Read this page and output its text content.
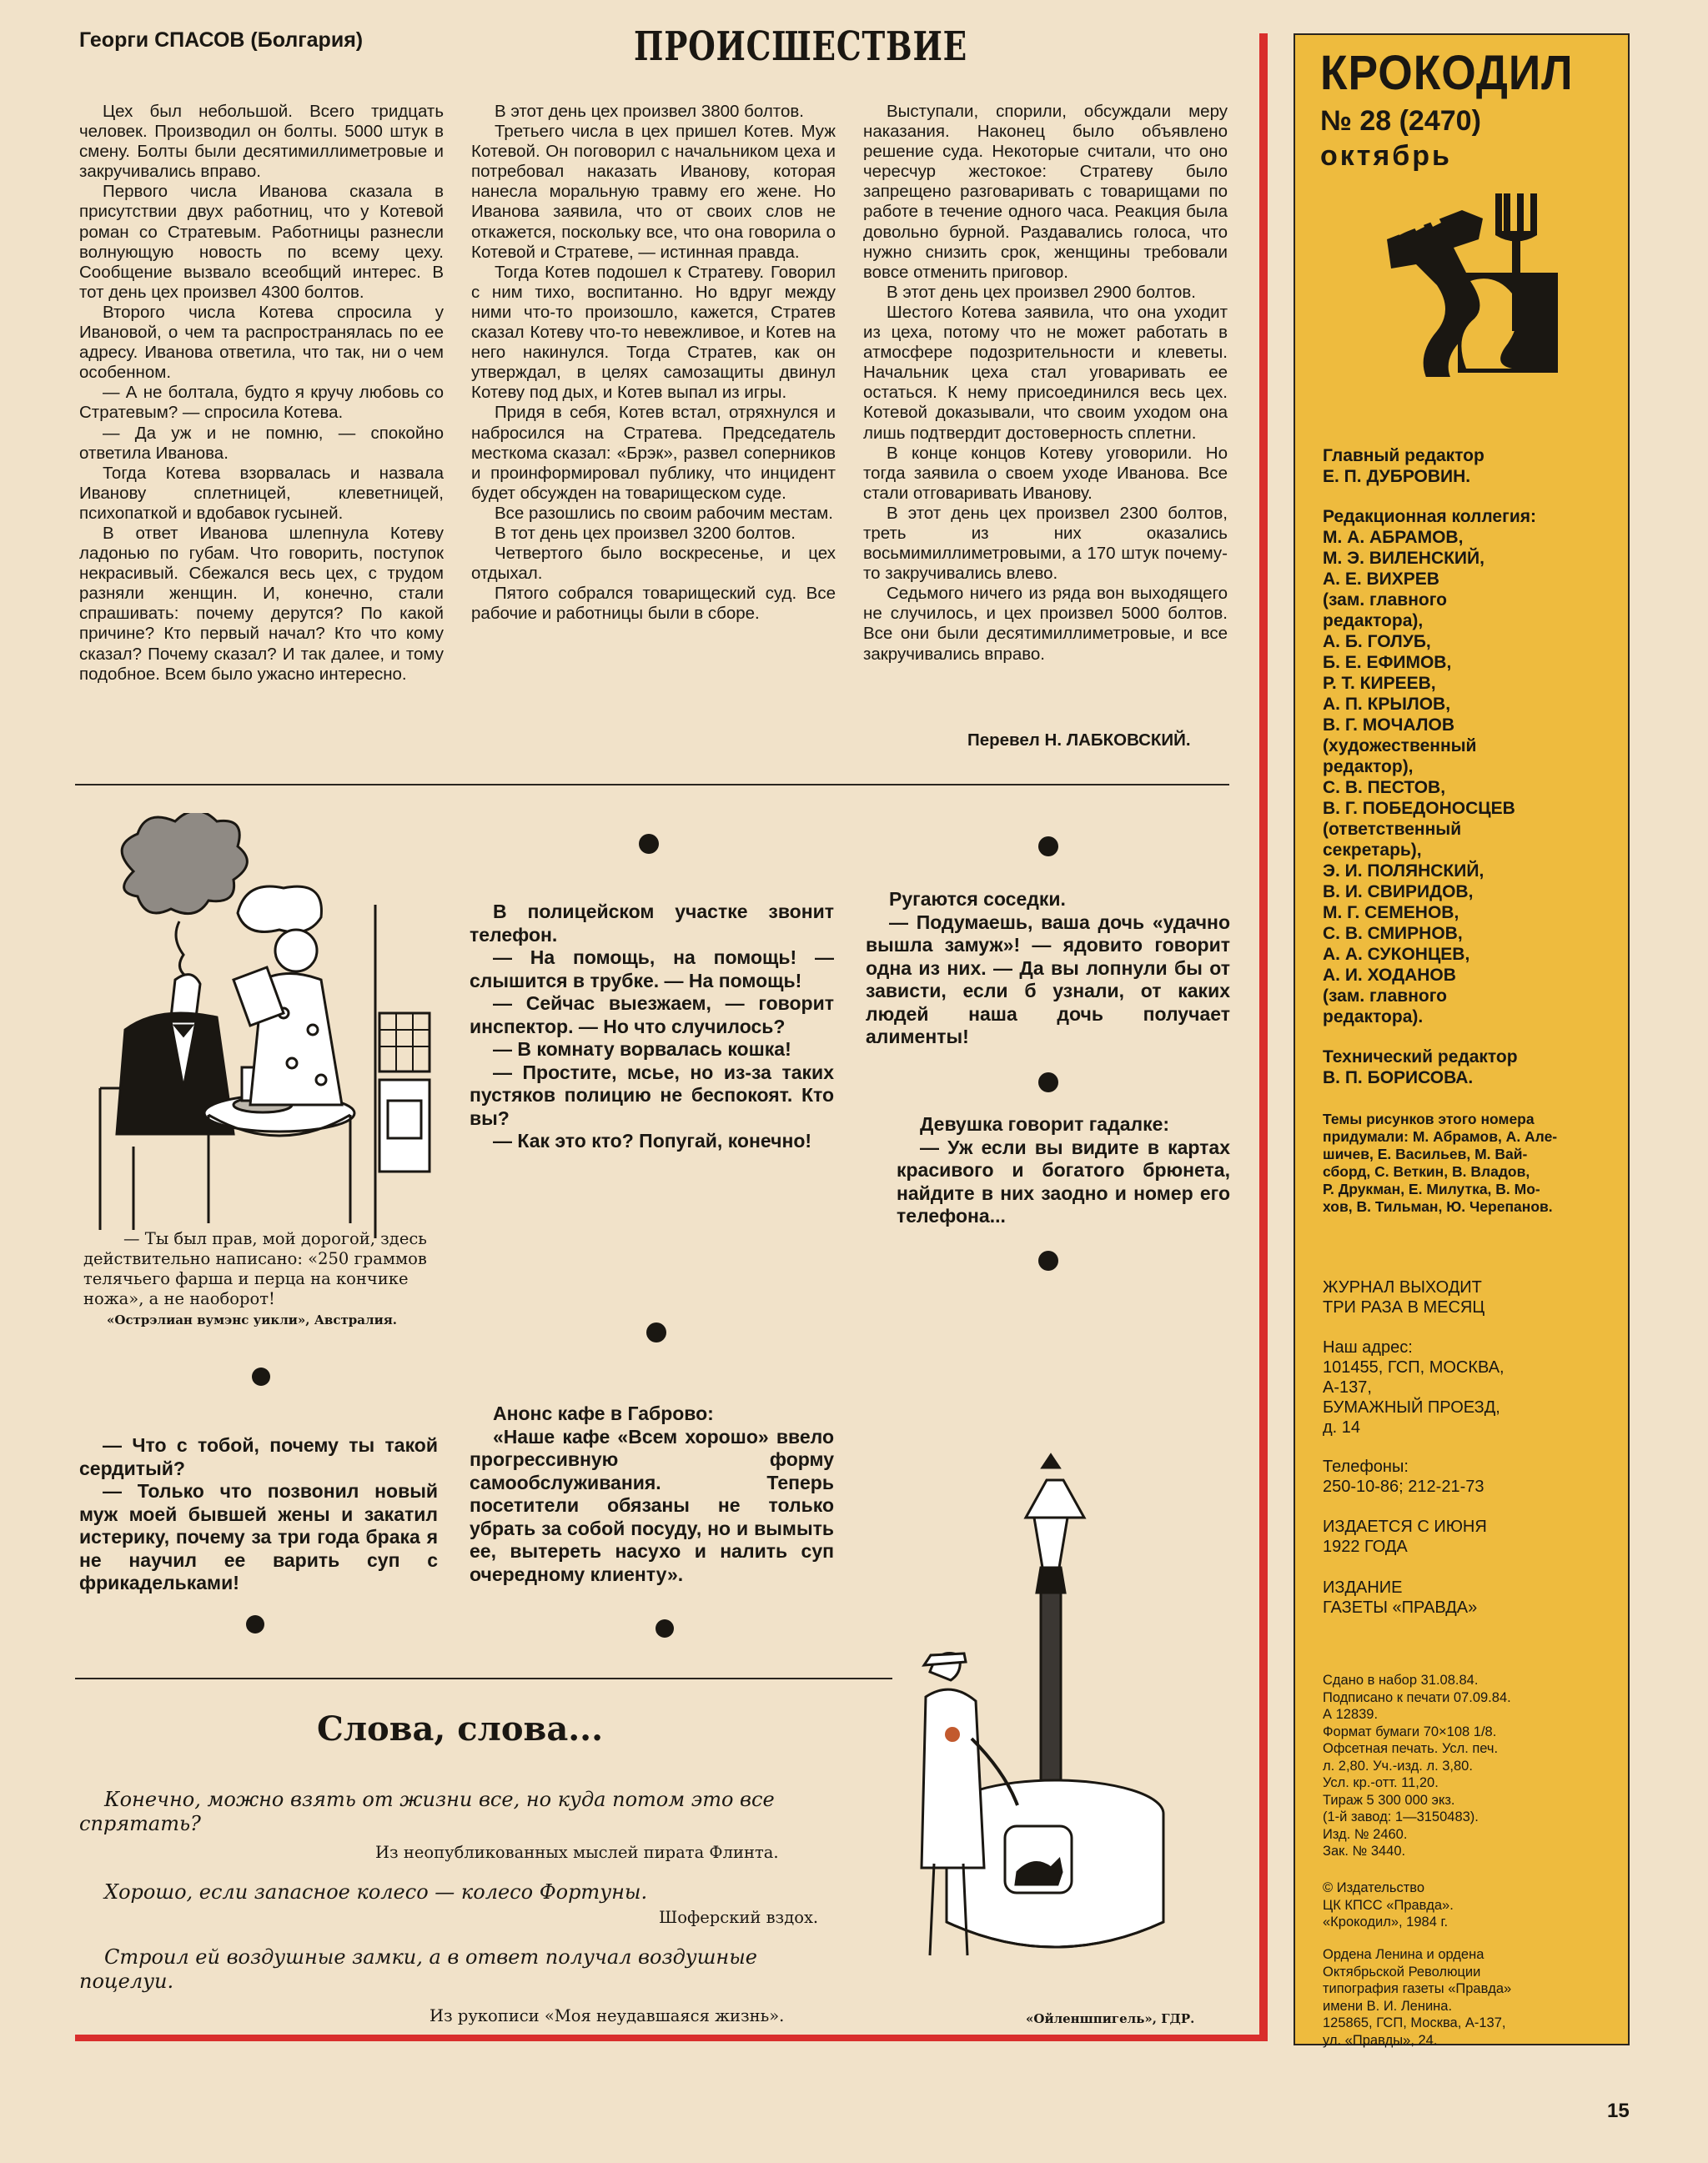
Георги СПАСОВ (Болгария)	ПРОИСШЕСТВИЕ

Цех был небольшой. Всего тридцать человек. Производил он болты. 5000 штук в смену. Болты были десятимиллиметровые и закручивались вправо.

Первого числа Иванова сказала в присутствии двух работниц, что у Котевой роман со Стратевым. Работницы разнесли волнующую новость по всему цеху. Сообщение вызвало всеобщий интерес. В тот день цех произвел 4300 болтов.

Второго числа Котева спросила у Ивановой, о чем та распространялась по ее адресу. Иванова ответила, что так, ни о чем особенном.

— А не болтала, будто я кручу любовь со Стратевым? — спросила Котева.

— Да уж и не помню, — спокойно ответила Иванова.

Тогда Котева взорвалась и назвала Иванову сплетницей, клеветницей, психопаткой и вдобавок гусыней.

В ответ Иванова шлепнула Котеву ладонью по губам. Что говорить, поступок некрасивый. Сбежался весь цех, с трудом разняли женщин. И, конечно, стали спрашивать: почему дерутся? По какой причине? Кто первый начал? Кто что кому сказал? Почему сказал? И так далее, и тому подобное. Всем было ужасно интересно.

В этот день цех произвел 3800 болтов.

Третьего числа в цех пришел Котев. Муж Котевой. Он поговорил с начальником цеха и потребовал наказать Иванову, которая нанесла моральную травму его жене. Но Иванова заявила, что от своих слов не откажется, поскольку все, что она говорила о Котевой и Стратеве, — истинная правда.

Тогда Котев подошел к Стратеву. Говорил с ним тихо, воспитанно. Но вдруг между ними что-то произошло, кажется, Стратев сказал Котеву что-то невежливое, и Котев на него накинулся. Тогда Стратев, как он утверждал, в целях самозащиты двинул Котеву под дых, и Котев выпал из игры.

Придя в себя, Котев встал, отряхнулся и набросился на Стратева. Председатель месткома сказал: «Брэк», развел соперников и проинформировал публику, что инцидент будет обсужден на товарищеском суде.

Все разошлись по своим рабочим местам.

В тот день цех произвел 3200 болтов.

Четвертого было воскресенье, и цех отдыхал.

Пятого собрался товарищеский суд. Все рабочие и работницы были в сборе.

Выступали, спорили, обсуждали меру наказания. Наконец было объявлено решение суда. Некоторые считали, что оно чересчур жестокое: Стратеву было запрещено разговаривать с товарищами по работе в течение одного часа. Реакция была довольно бурной. Раздавались голоса, что нужно снизить срок, женщины требовали вовсе отменить приговор.

В этот день цех произвел 2900 болтов.

Шестого Котева заявила, что она уходит из цеха, потому что не может работать в атмосфере подозрительности и клеветы. Начальник цеха стал уговаривать ее остаться. К нему присоединился весь цех. Котевой доказывали, что своим уходом она лишь подтвердит достоверность сплетни.

В конце концов Котеву уговорили. Но тогда заявила о своем уходе Иванова. Все стали отговаривать Иванову.

В этот день цех произвел 2300 болтов, треть из них оказались восьмимиллиметровыми, а 170 штук почему-то закручивались влево.

Седьмого ничего из ряда вон выходящего не случилось, и цех произвел 5000 болтов. Все они были десятимиллиметровые, и все закручивались вправо.

Перевел Н. ЛАБКОВСКИЙ.
— Ты был прав, мой дорогой, здесь действительно написано: «250 граммов телячьего фарша и перца на кончике ножа», а не наоборот!
«Острэлиан вумэнс уикли», Австралия.

В полицейском участке звонит телефон.

— На помощь, на помощь! — слышится в трубке. — На помощь!

— Сейчас выезжаем, — говорит инспектор. — Но что случилось?

— В комнату ворвалась кошка!

— Простите, мсье, но из-за таких пустяков полицию не беспокоят. Кто вы?

— Как это кто? Попугай, конечно!

Ругаются соседки.

— Подумаешь, ваша дочь «удачно вышла замуж»! — ядовито говорит одна из них. — Да вы лопнули бы от зависти, если б узнали, от каких людей наша дочь получает алименты!

Девушка говорит гадалке:

— Уж если вы видите в картах красивого и богатого брюнета, найдите в них заодно и номер его телефона...

— Что с тобой, почему ты такой сердитый?

— Только что позвонил новый муж моей бывшей жены и закатил истерику, почему за три года брака я не научил ее варить суп с фрикадельками!

Анонс кафе в Габрово:

«Наше кафе «Всем хорошо» ввело прогрессивную форму самообслуживания. Теперь посетители обязаны не только убрать за собой посуду, но и вымыть ее, вытереть насухо и налить суп очередному клиенту».

Слова, слова...
Конечно, можно взять от жизни все, но куда потом это все спрятать?
Из неопубликованных мыслей пирата Флинта.
Хорошо, если запасное колесо — колесо Фортуны.
Шоферский вздох.
Строил ей воздушные замки, а в ответ получал воздушные поцелуи.
Из рукописи «Моя неудавшаяся жизнь».	«Ойленшпигель», ГДР.
КРОКОДИЛ
№ 28 (2470)
октябрь
Главный редактор
Е. П. ДУБРОВИН.
Редакционная коллегия:
М. А. АБРАМОВ,
М. Э. ВИЛЕНСКИЙ,
А. Е. ВИХРЕВ
(зам. главного
редактора),
А. Б. ГОЛУБ,
Б. Е. ЕФИМОВ,
Р. Т. КИРЕЕВ,
А. П. КРЫЛОВ,
В. Г. МОЧАЛОВ
(художественный
редактор),
С. В. ПЕСТОВ,
В. Г. ПОБЕДОНОСЦЕВ
(ответственный
секретарь),
Э. И. ПОЛЯНСКИЙ,
В. И. СВИРИДОВ,
М. Г. СЕМЕНОВ,
С. В. СМИРНОВ,
А. А. СУКОНЦЕВ,
А. И. ХОДАНОВ
(зам. главного
редактора).
Технический редактор
В. П. БОРИСОВА.
Темы рисунков этого номера
придумали: М. Абрамов, А. Але-
шичев, Е. Васильев, М. Вай-
сборд, С. Веткин, В. Владов,
Р. Друкман, Е. Милутка, В. Мо-
хов, В. Тильман, Ю. Черепанов.
ЖУРНАЛ ВЫХОДИТ
ТРИ РАЗА В МЕСЯЦ
Наш адрес:
101455, ГСП, МОСКВА,
А-137,
БУМАЖНЫЙ ПРОЕЗД,
д. 14
Телефоны:
250-10-86; 212-21-73
ИЗДАЕТСЯ С ИЮНЯ
1922 ГОДА
ИЗДАНИЕ
ГАЗЕТЫ «ПРАВДА»
Сдано в набор 31.08.84.
Подписано к печати 07.09.84.
А 12839.
Формат бумаги 70×108 1/8.
Офсетная печать. Усл. печ.
л. 2,80. Уч.-изд. л. 3,80.
Усл. кр.-отт. 11,20.
Тираж 5 300 000 экз.
(1-й завод: 1—3150483).
Изд. № 2460.
Зак. № 3440.
© Издательство
ЦК КПСС «Правда».
«Крокодил», 1984 г.
Ордена Ленина и ордена
Октябрьской Революции
типография газеты «Правда»
имени В. И. Ленина.
125865, ГСП, Москва, А-137,
ул. «Правды», 24.
15
